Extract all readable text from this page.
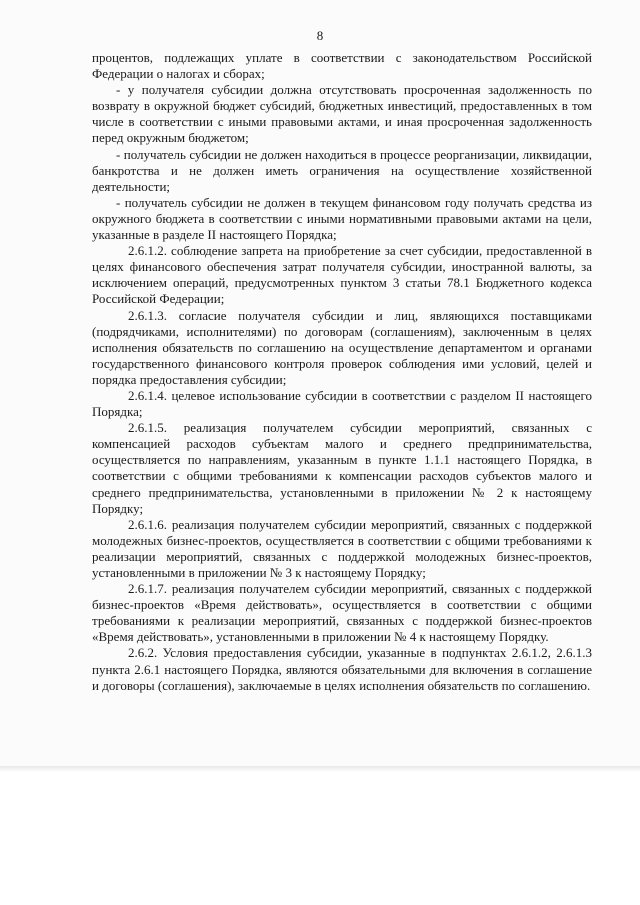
8

процентов, подлежащих уплате в соответствии с законодательством Российской Федерации о налогах и сборах;

- у получателя субсидии должна отсутствовать просроченная задолженность по возврату в окружной бюджет субсидий, бюджетных инвестиций, предоставленных в том числе в соответствии с иными правовыми актами, и иная просроченная задолженность перед окружным бюджетом;

- получатель субсидии не должен находиться в процессе реорганизации, ликвидации, банкротства и не должен иметь ограничения на осуществление хозяйственной деятельности;

- получатель субсидии не должен в текущем финансовом году получать средства из окружного бюджета в соответствии с иными нормативными правовыми актами на цели, указанные в разделе II настоящего Порядка;

2.6.1.2. соблюдение запрета на приобретение за счет субсидии, предоставленной в целях финансового обеспечения затрат получателя субсидии, иностранной валюты, за исключением операций, предусмотренных пунктом 3 статьи 78.1 Бюджетного кодекса Российской Федерации;

2.6.1.3. согласие получателя субсидии и лиц, являющихся поставщиками (подрядчиками, исполнителями) по договорам (соглашениям), заключенным в целях исполнения обязательств по соглашению на осуществление департаментом и органами государственного финансового контроля проверок соблюдения ими условий, целей и порядка предоставления субсидии;

2.6.1.4. целевое использование субсидии в соответствии с разделом II настоящего Порядка;

2.6.1.5. реализация получателем субсидии мероприятий, связанных с компенсацией расходов субъектам малого и среднего предпринимательства, осуществляется по направлениям, указанным в пункте 1.1.1 настоящего Порядка, в соответствии с общими требованиями к компенсации расходов субъектов малого и среднего предпринимательства, установленными в приложении № 2 к настоящему Порядку;

2.6.1.6. реализация получателем субсидии мероприятий, связанных с поддержкой молодежных бизнес-проектов, осуществляется в соответствии с общими требованиями к реализации мероприятий, связанных с поддержкой молодежных бизнес-проектов, установленными в приложении № 3 к настоящему Порядку;

2.6.1.7. реализация получателем субсидии мероприятий, связанных с поддержкой бизнес-проектов «Время действовать», осуществляется в соответствии с общими требованиями к реализации мероприятий, связанных с поддержкой бизнес-проектов «Время действовать», установленными в приложении № 4 к настоящему Порядку.

2.6.2. Условия предоставления субсидии, указанные в подпунктах 2.6.1.2, 2.6.1.3 пункта 2.6.1 настоящего Порядка, являются обязательными для включения в соглашение и договоры (соглашения), заключаемые в целях исполнения обязательств по соглашению.
